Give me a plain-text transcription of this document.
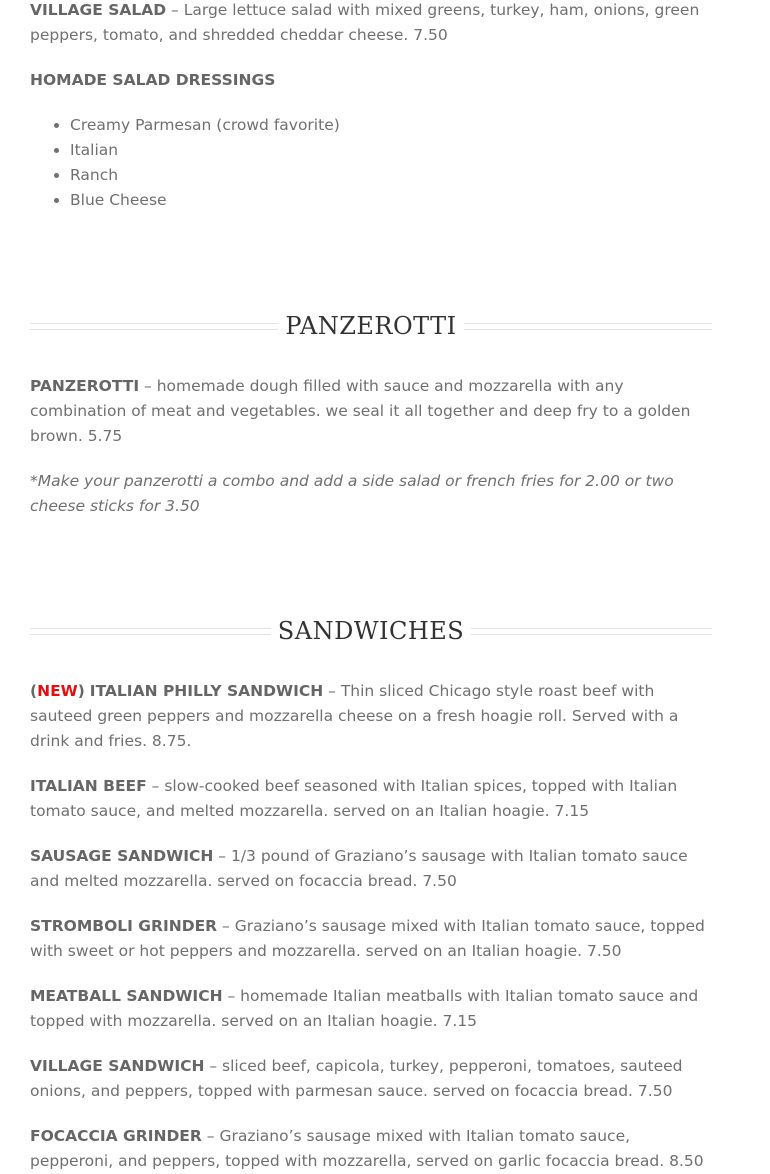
VILLAGE SALAD – Large lettuce salad with mixed greens, turkey, ham, onions, green peppers, tomato, and shredded cheddar cheese. 7.50

HOMADE SALAD DRESSINGS

• Creamy Parmesan (crowd favorite)
• Italian
• Ranch
• Blue Cheese
PANZEROTTI

PANZEROTTI – homemade dough filled with sauce and mozzarella with any combination of meat and vegetables. we seal it all together and deep fry to a golden brown. 5.75

*Make your panzerotti a combo and add a side salad or french fries for 2.00 or two cheese sticks for 3.50

SANDWICHES

(NEW) ITALIAN PHILLY SANDWICH – Thin sliced Chicago style roast beef with sauteed green peppers and mozzarella cheese on a fresh hoagie roll. Served with a drink and fries. 8.75.

ITALIAN BEEF – slow-cooked beef seasoned with Italian spices, topped with Italian tomato sauce, and melted mozzarella. served on an Italian hoagie. 7.15

SAUSAGE SANDWICH – 1/3 pound of Graziano’s sausage with Italian tomato sauce and melted mozzarella. served on focaccia bread. 7.50

STROMBOLI GRINDER – Graziano’s sausage mixed with Italian tomato sauce, topped with sweet or hot peppers and mozzarella. served on an Italian hoagie. 7.50

MEATBALL SANDWICH – homemade Italian meatballs with Italian tomato sauce and topped with mozzarella. served on an Italian hoagie. 7.15

VILLAGE SANDWICH – sliced beef, capicola, turkey, pepperoni, tomatoes, sauteed onions, and peppers, topped with parmesan sauce. served on focaccia bread. 7.50

FOCACCIA GRINDER – Graziano’s sausage mixed with Italian tomato sauce, pepperoni, and peppers, topped with mozzarella, served on garlic focaccia bread. 8.50
